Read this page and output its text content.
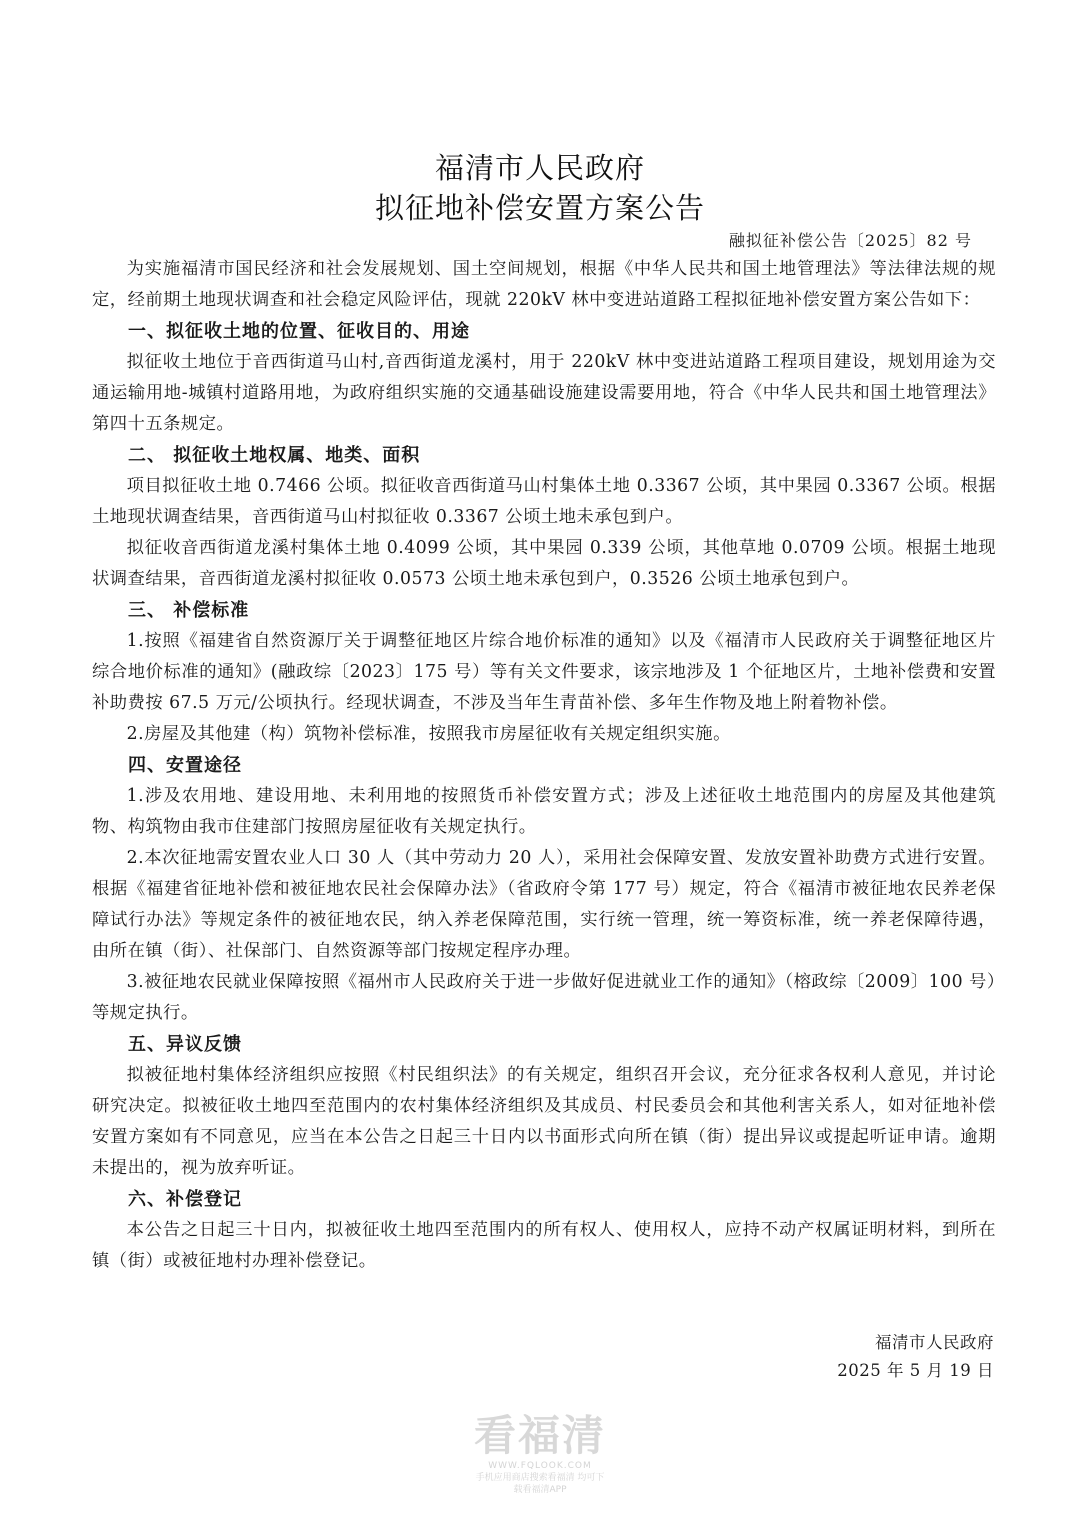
福清市人民政府
拟征地补偿安置方案公告
融拟征补偿公告〔2025〕82 号

为实施福清市国民经济和社会发展规划、国土空间规划，根据《中华人民共和国土地管理法》等法律法规的规定，经前期土地现状调查和社会稳定风险评估，现就 220kV 林中变进站道路工程拟征地补偿安置方案公告如下：

一、拟征收土地的位置、征收目的、用途

拟征收土地位于音西街道马山村,音西街道龙溪村，用于 220kV 林中变进站道路工程项目建设，规划用途为交通运输用地-城镇村道路用地，为政府组织实施的交通基础设施建设需要用地，符合《中华人民共和国土地管理法》第四十五条规定。

二、 拟征收土地权属、地类、面积

项目拟征收土地 0.7466 公顷。拟征收音西街道马山村集体土地 0.3367 公顷，其中果园 0.3367 公顷。根据土地现状调查结果，音西街道马山村拟征收 0.3367 公顷土地未承包到户。

拟征收音西街道龙溪村集体土地 0.4099 公顷，其中果园 0.339 公顷，其他草地 0.0709 公顷。根据土地现状调查结果，音西街道龙溪村拟征收 0.0573 公顷土地未承包到户，0.3526 公顷土地承包到户。

三、 补偿标准

1.按照《福建省自然资源厅关于调整征地区片综合地价标准的通知》以及《福清市人民政府关于调整征地区片综合地价标准的通知》(融政综〔2023〕175 号）等有关文件要求，该宗地涉及 1 个征地区片，土地补偿费和安置补助费按 67.5 万元/公顷执行。经现状调查，不涉及当年生青苗补偿、多年生作物及地上附着物补偿。

2.房屋及其他建（构）筑物补偿标准，按照我市房屋征收有关规定组织实施。

四、安置途径

1.涉及农用地、建设用地、未利用地的按照货币补偿安置方式；涉及上述征收土地范围内的房屋及其他建筑物、构筑物由我市住建部门按照房屋征收有关规定执行。

2.本次征地需安置农业人口 30 人（其中劳动力 20 人），采用社会保障安置、发放安置补助费方式进行安置。根据《福建省征地补偿和被征地农民社会保障办法》（省政府令第 177 号）规定，符合《福清市被征地农民养老保障试行办法》等规定条件的被征地农民，纳入养老保障范围，实行统一管理，统一筹资标准，统一养老保障待遇，由所在镇（街）、社保部门、自然资源等部门按规定程序办理。

3.被征地农民就业保障按照《福州市人民政府关于进一步做好促进就业工作的通知》（榕政综〔2009〕100 号）等规定执行。

五、异议反馈

拟被征地村集体经济组织应按照《村民组织法》的有关规定，组织召开会议，充分征求各权利人意见，并讨论研究决定。拟被征收土地四至范围内的农村集体经济组织及其成员、村民委员会和其他利害关系人，如对征地补偿安置方案如有不同意见，应当在本公告之日起三十日内以书面形式向所在镇（街）提出异议或提起听证申请。逾期未提出的，视为放弃听证。

六、补偿登记

本公告之日起三十日内，拟被征收土地四至范围内的所有权人、使用权人，应持不动产权属证明材料，到所在镇（街）或被征地村办理补偿登记。

福清市人民政府
2025 年 5 月 19 日
看福清
WWW.FQLOOK.COM
手机应用商店搜索看福清 均可下载看福清APP
